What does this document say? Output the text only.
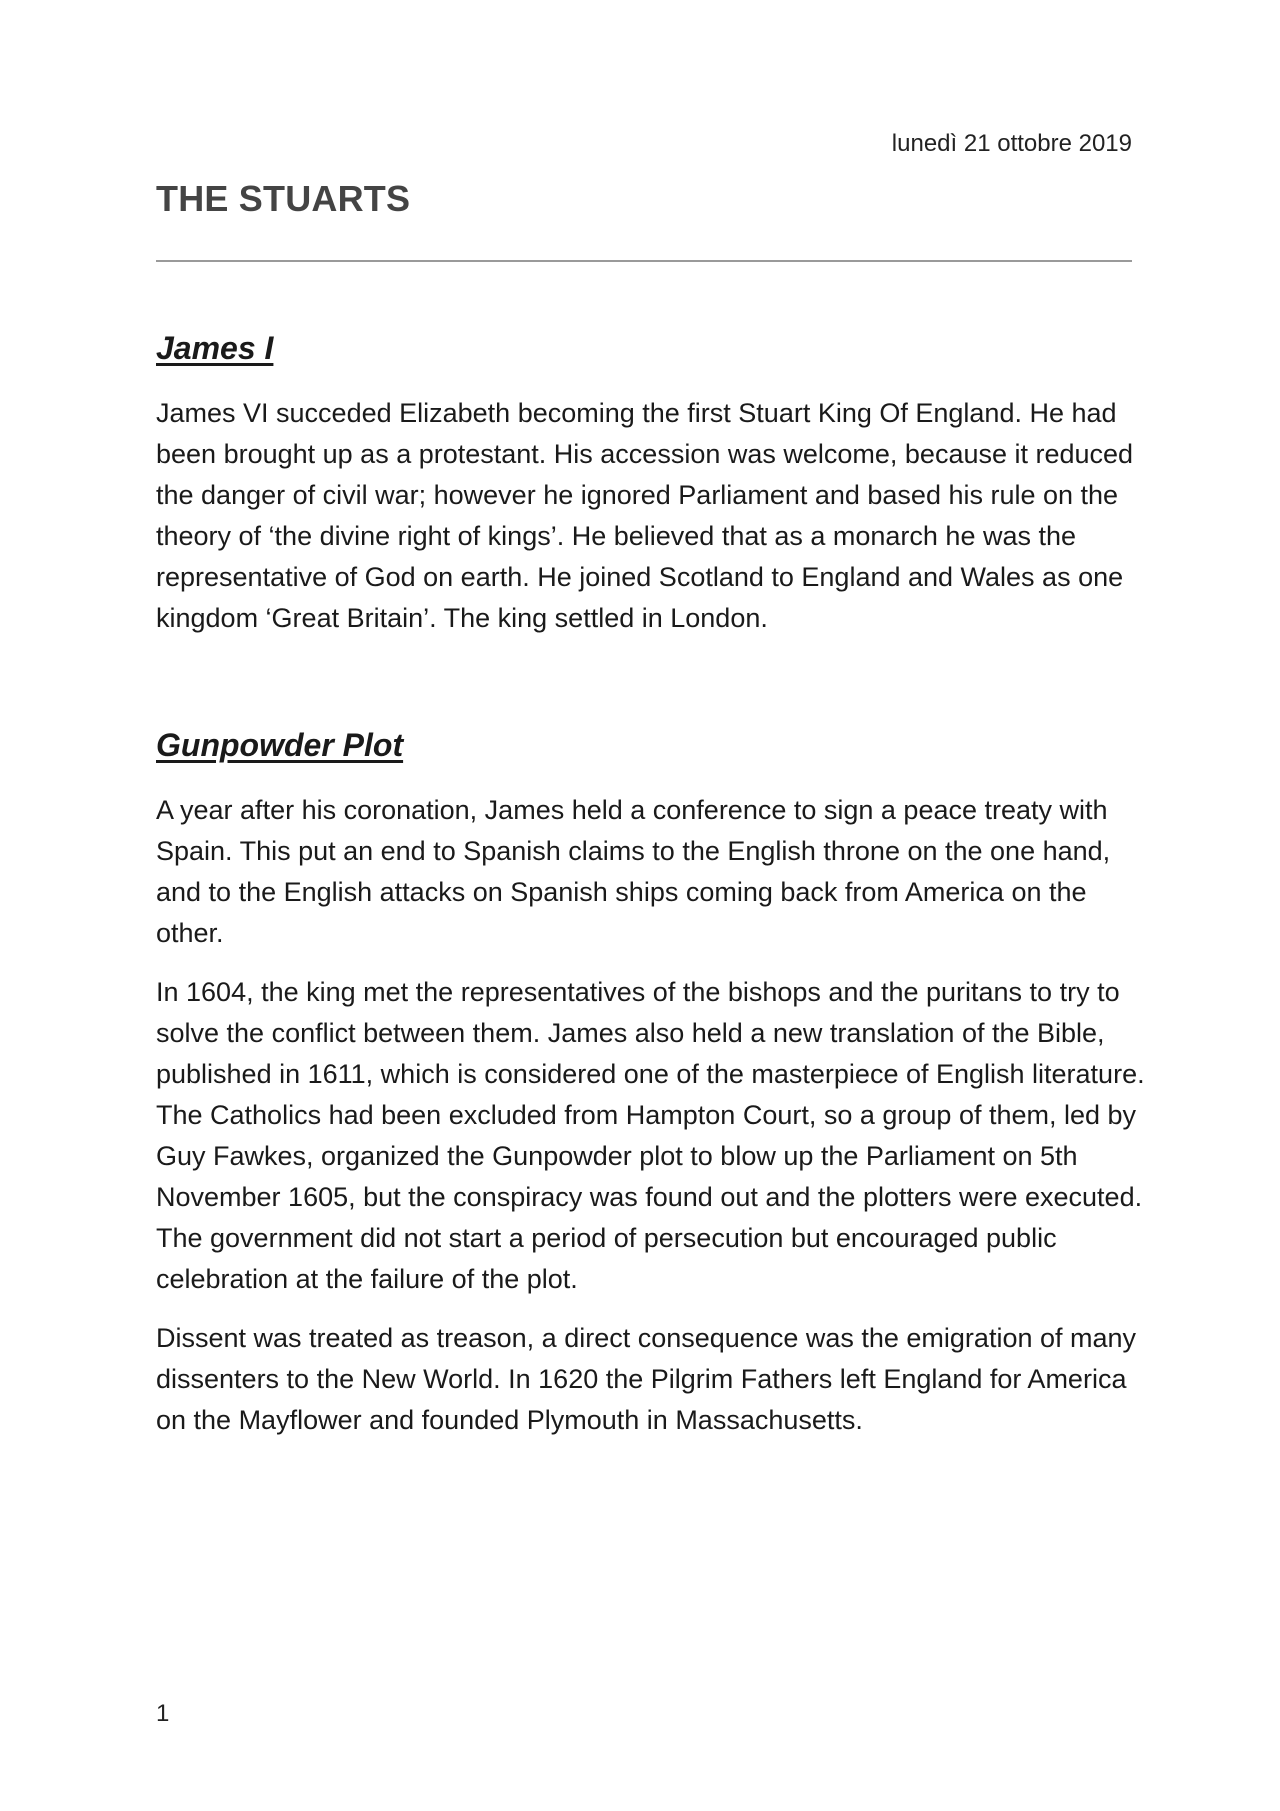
lunedì 21 ottobre 2019
THE STUARTS
James I

James VI succeded Elizabeth becoming the first Stuart King Of England. He had been brought up as a protestant. His accession was welcome, because it reduced the danger of civil war; however he ignored Parliament and based his rule on the theory of ‘the divine right of kings’. He believed that as a monarch he was the representative of God on earth. He joined Scotland to England and Wales as one kingdom ‘Great Britain’. The king settled in London.

Gunpowder Plot

A year after his coronation, James held a conference to sign a peace treaty with Spain. This put an end to Spanish claims to the English throne on the one hand, and to the English attacks on Spanish ships coming back from America on the other.

In 1604, the king met the representatives of the bishops and the puritans to try to solve the conflict between them. James also held a new translation of the Bible, published in 1611, which is considered one of the masterpiece of English literature. The Catholics had been excluded from Hampton Court, so a group of them, led by Guy Fawkes, organized the Gunpowder plot to blow up the Parliament on 5th November 1605, but the conspiracy was found out and the plotters were executed. The government did not start a period of persecution but encouraged public celebration at the failure of the plot.

Dissent was treated as treason, a direct consequence was the emigration of many dissenters to the New World. In 1620 the Pilgrim Fathers left England for America on the Mayflower and founded Plymouth in Massachusetts.

1
